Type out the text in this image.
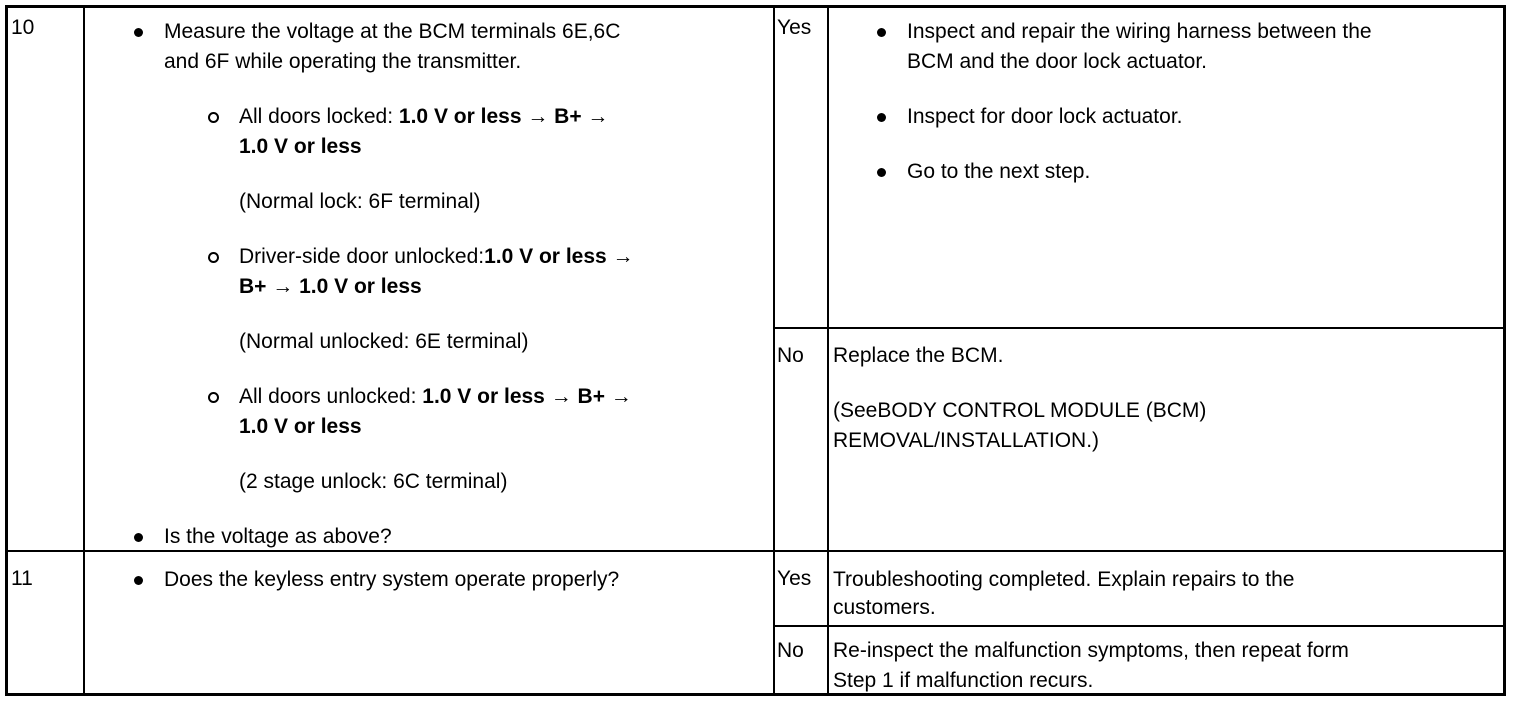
10	Measure the voltage at the BCM terminals 6E,6C
and 6F while operating the transmitter.
All doors locked: 1.0 V or less → B+ →
1.0 V or less
(Normal lock: 6F terminal)
Driver-side door unlocked:1.0 V or less →
B+ → 1.0 V or less
(Normal unlocked: 6E terminal)
All doors unlocked: 1.0 V or less → B+ →
1.0 V or less
(2 stage unlock: 6C terminal)
Is the voltage as above?
Yes	Inspect and repair the wiring harness between the
BCM and the door lock actuator.
Inspect for door lock actuator.
Go to the next step.
No Replace the BCM.
(SeeBODY CONTROL MODULE (BCM)
REMOVAL/INSTALLATION.)
11	Does the keyless entry system operate properly?	Yes Troubleshooting completed. Explain repairs to the
customers.
No Re-inspect the malfunction symptoms, then repeat form
Step 1 if malfunction recurs.
